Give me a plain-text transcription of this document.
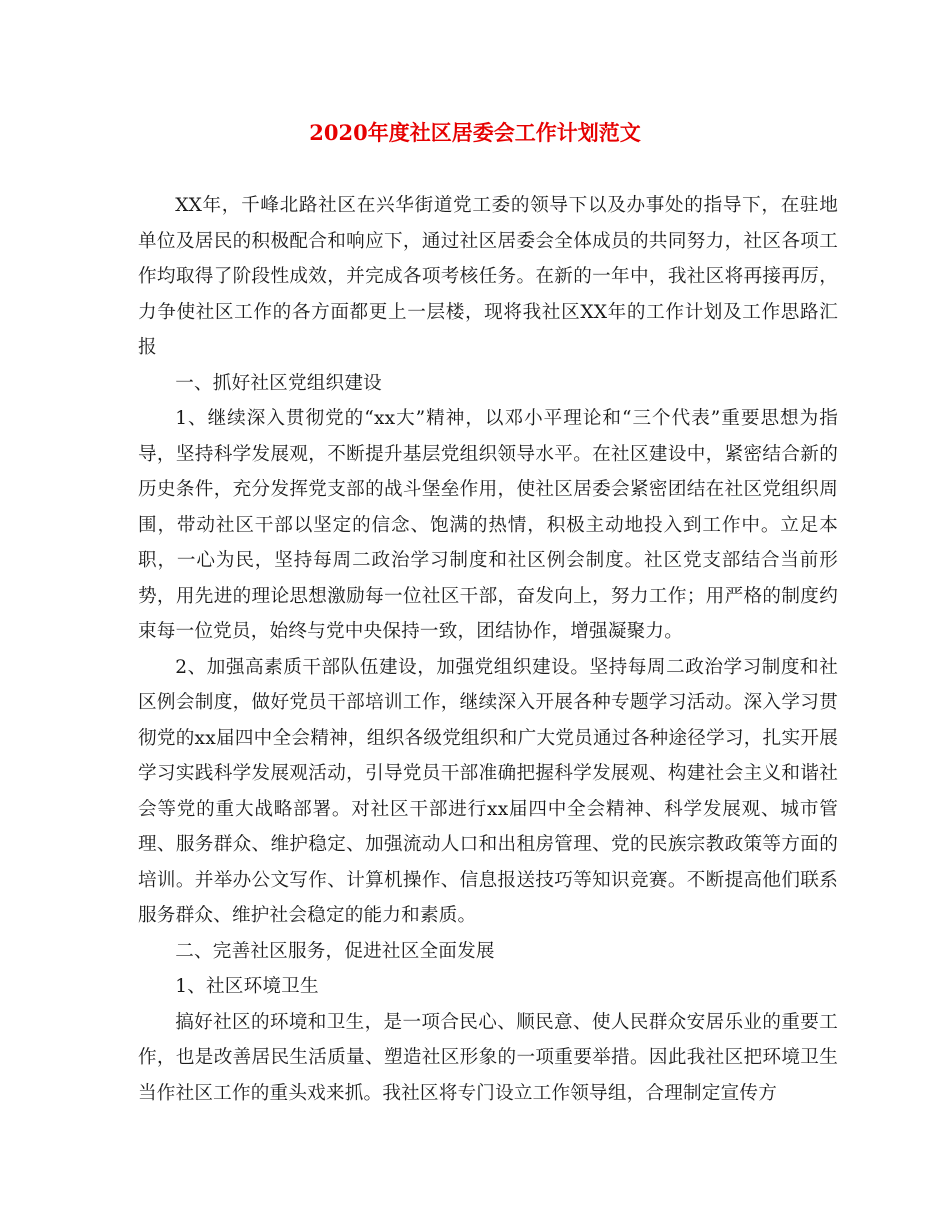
2020年度社区居委会工作计划范文

XX年，千峰北路社区在兴华街道党工委的领导下以及办事处的指导下，在驻地单位及居民的积极配合和响应下，通过社区居委会全体成员的共同努力，社区各项工作均取得了阶段性成效，并完成各项考核任务。在新的一年中，我社区将再接再厉，力争使社区工作的各方面都更上一层楼，现将我社区XX年的工作计划及工作思路汇报

一、抓好社区党组织建设

1、继续深入贯彻党的“xx大”精神，以邓小平理论和“三个代表”重要思想为指导，坚持科学发展观，不断提升基层党组织领导水平。在社区建设中，紧密结合新的历史条件，充分发挥党支部的战斗堡垒作用，使社区居委会紧密团结在社区党组织周围，带动社区干部以坚定的信念、饱满的热情，积极主动地投入到工作中。立足本职，一心为民，坚持每周二政治学习制度和社区例会制度。社区党支部结合当前形势，用先进的理论思想激励每一位社区干部，奋发向上，努力工作；用严格的制度约束每一位党员，始终与党中央保持一致，团结协作，增强凝聚力。

2、加强高素质干部队伍建设，加强党组织建设。坚持每周二政治学习制度和社区例会制度，做好党员干部培训工作，继续深入开展各种专题学习活动。深入学习贯彻党的xx届四中全会精神，组织各级党组织和广大党员通过各种途径学习，扎实开展学习实践科学发展观活动，引导党员干部准确把握科学发展观、构建社会主义和谐社会等党的重大战略部署。对社区干部进行xx届四中全会精神、科学发展观、城市管理、服务群众、维护稳定、加强流动人口和出租房管理、党的民族宗教政策等方面的培训。并举办公文写作、计算机操作、信息报送技巧等知识竞赛。不断提高他们联系服务群众、维护社会稳定的能力和素质。

二、完善社区服务，促进社区全面发展

1、社区环境卫生

搞好社区的环境和卫生，是一项合民心、顺民意、使人民群众安居乐业的重要工作，也是改善居民生活质量、塑造社区形象的一项重要举措。因此我社区把环境卫生当作社区工作的重头戏来抓。我社区将专门设立工作领导组，合理制定宣传方
